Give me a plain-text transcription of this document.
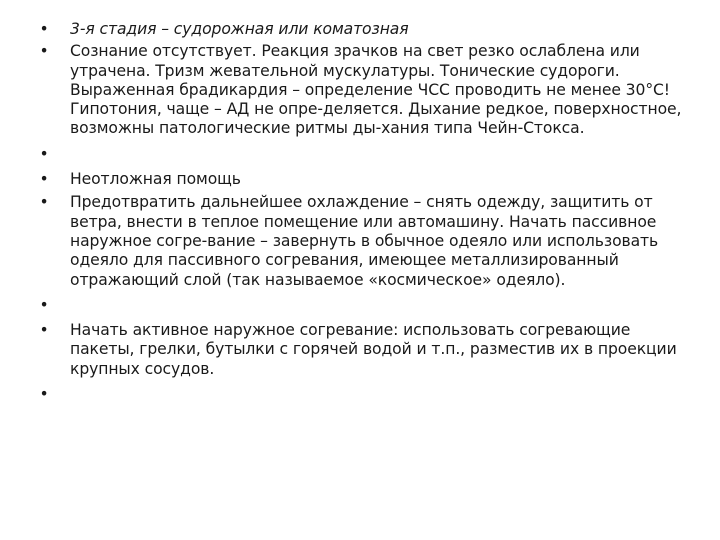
• 3-я стадия – судорожная или коматозная
• Сознание отсутствует. Реакция зрачков на свет резко ослаблена или утрачена. Тризм жевательной мускулатуры. Тонические судороги. Выраженная брадикардия – определение ЧСС проводить не менее 30°С! Гипотония, чаще – АД не опре-деляется. Дыхание редкое, поверхностное, возможны патологические ритмы ды-хания типа Чейн-Стокса.
•
• Неотложная помощь
• Предотвратить дальнейшее охлаждение – снять одежду, защитить от ветра, внести в теплое помещение или автомашину. Начать пассивное наружное согре-вание – завернуть в обычное одеяло или использовать одеяло для пассивного согревания, имеющее металлизированный отражающий слой (так называемое «космическое» одеяло).
•
• Начать активное наружное согревание: использовать согревающие пакеты, грелки, бутылки с горячей водой и т.п., разместив их в проекции крупных сосудов.
•
